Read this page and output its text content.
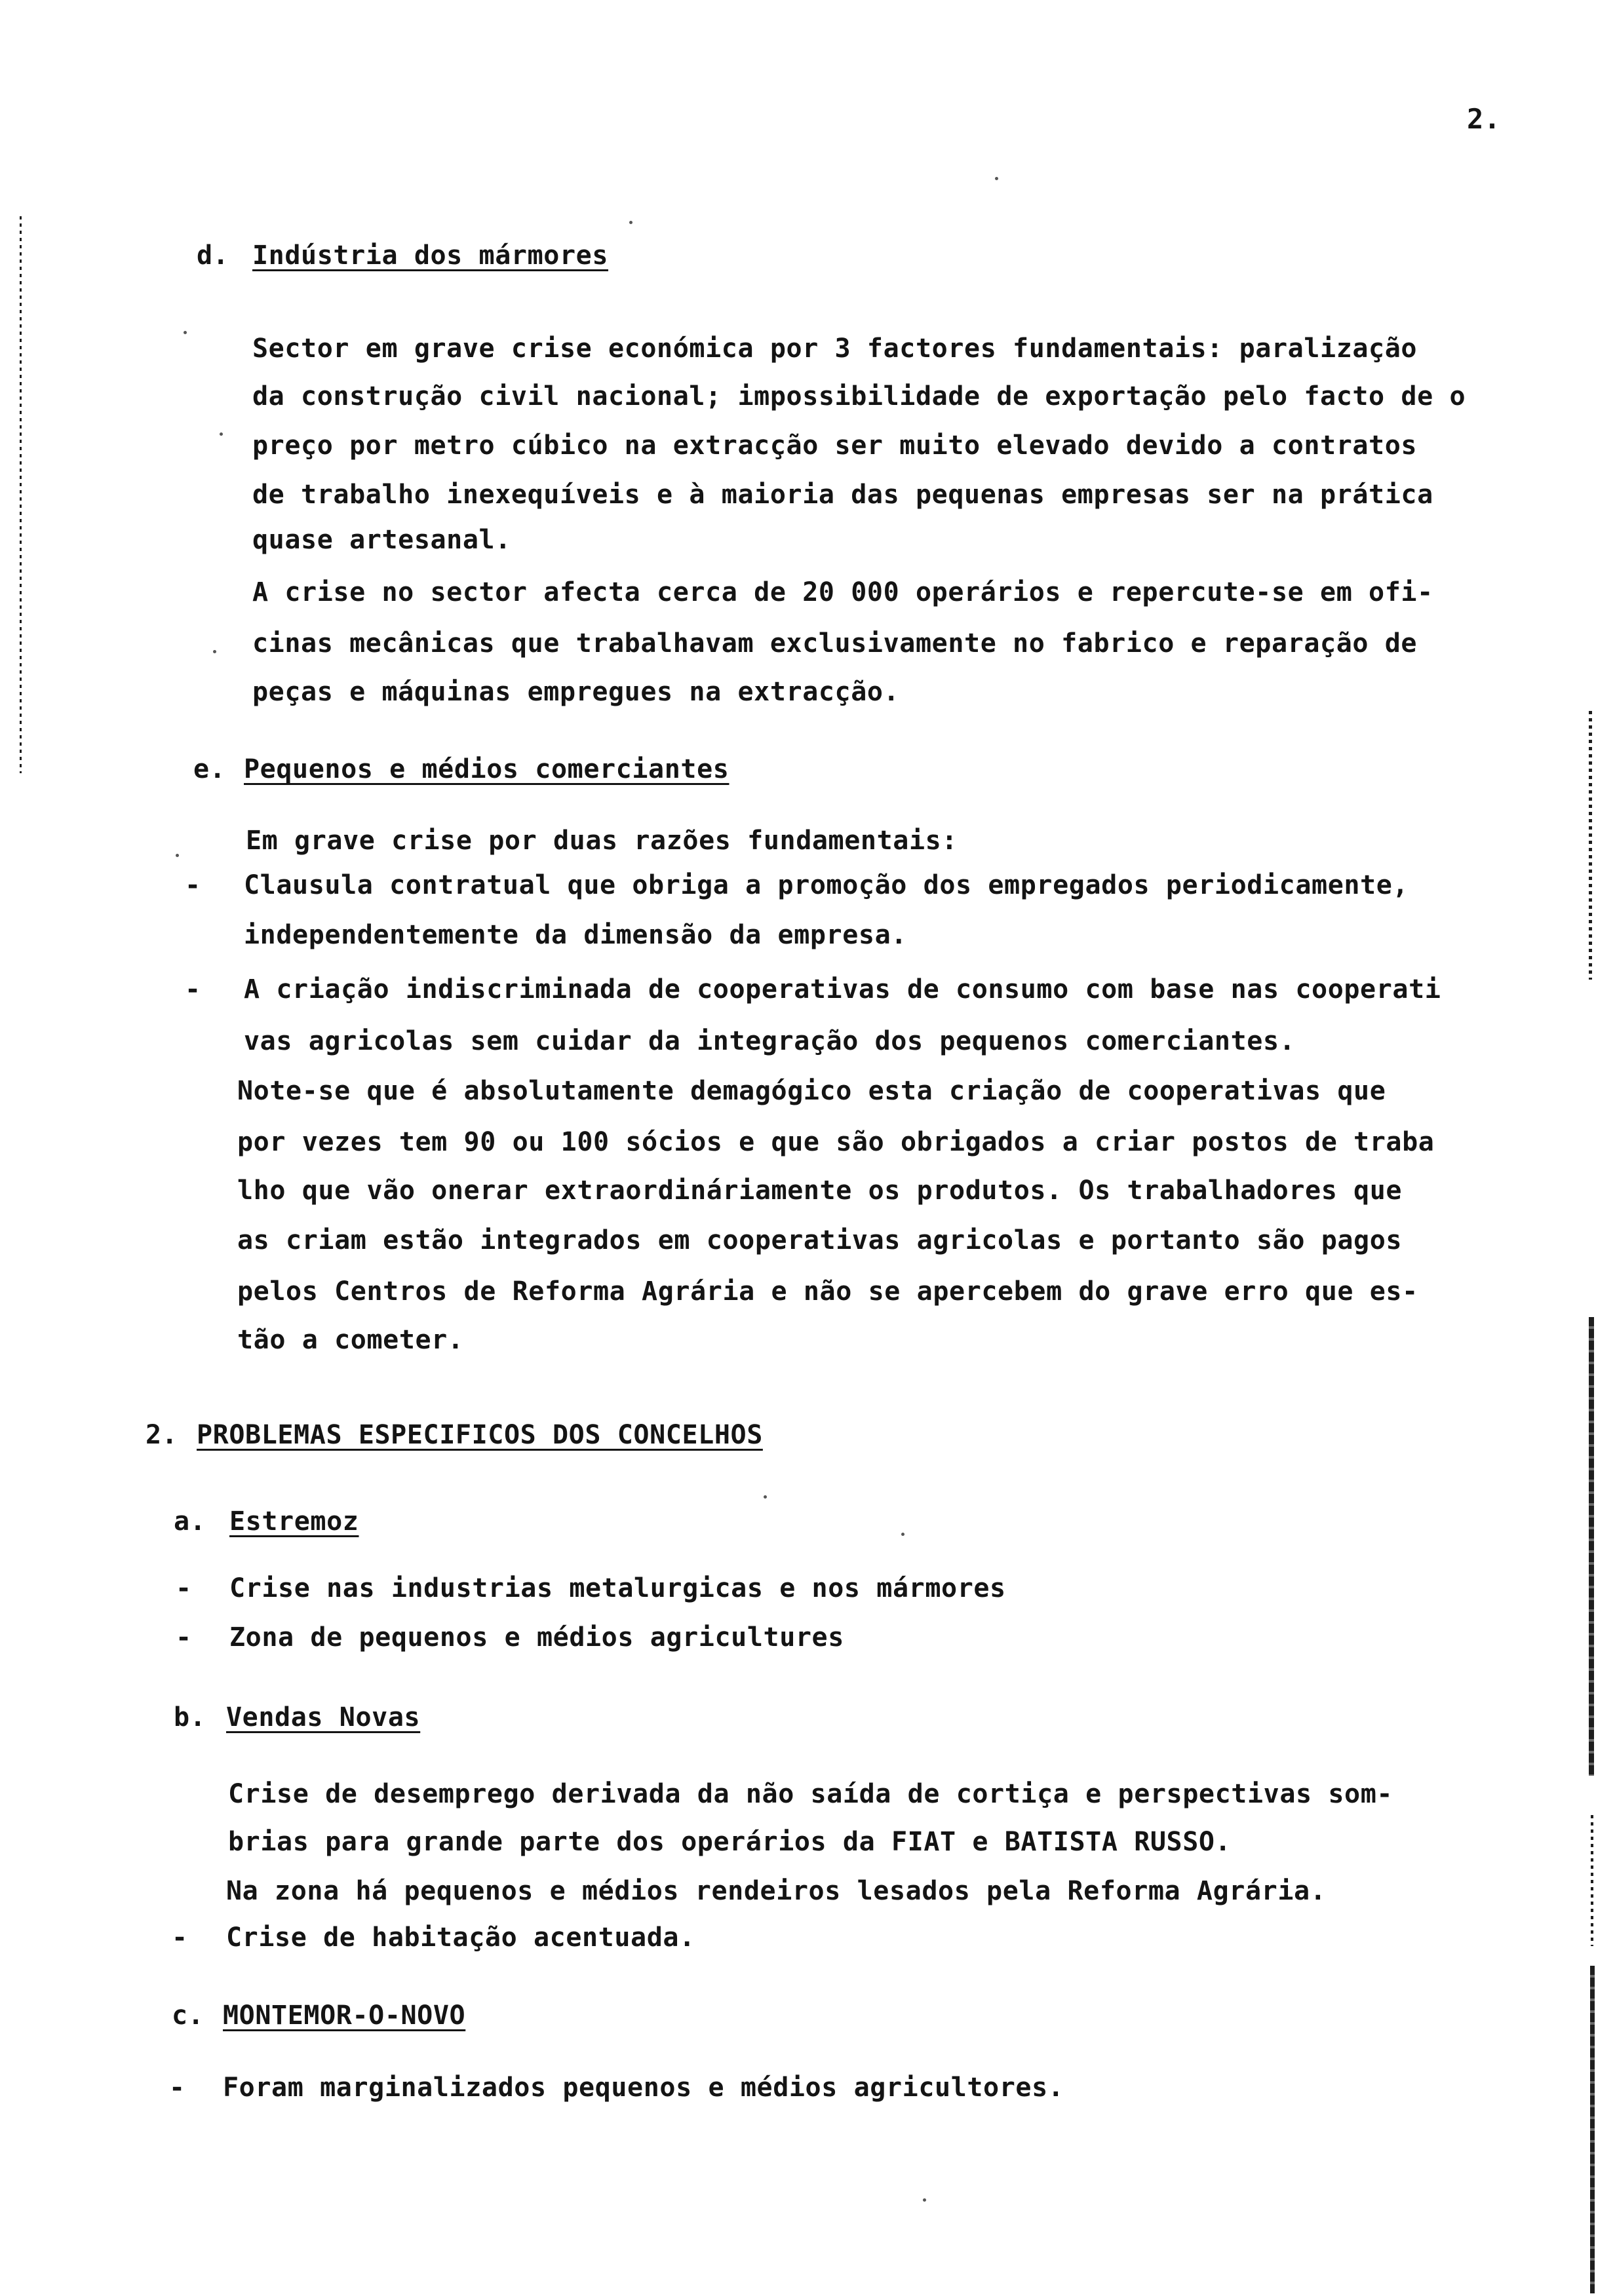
2.
d. Indústria dos mármores
Sector em grave crise económica por 3 factores fundamentais: paralização
da construção civil nacional; impossibilidade de exportação pelo facto de o
preço por metro cúbico na extracção ser muito elevado devido a contratos
de trabalho inexequíveis e à maioria das pequenas empresas ser na prática
quase artesanal.
A crise no sector afecta cerca de 20 000 operários e repercute-se em ofi-
cinas mecânicas que trabalhavam exclusivamente no fabrico e reparação de
peças e máquinas empregues na extracção.
e. Pequenos e médios comerciantes
Em grave crise por duas razões fundamentais:
- Clausula contratual que obriga a promoção dos empregados periodicamente,
independentemente da dimensão da empresa.
- A criação indiscriminada de cooperativas de consumo com base nas cooperati
vas agricolas sem cuidar da integração dos pequenos comerciantes.
Note-se que é absolutamente demagógico esta criação de cooperativas que
por vezes tem 90 ou 100 sócios e que são obrigados a criar postos de traba
lho que vão onerar extraordináriamente os produtos. Os trabalhadores que
as criam estão integrados em cooperativas agricolas e portanto são pagos
pelos Centros de Reforma Agrária e não se apercebem do grave erro que es-
tão a cometer.
2. PROBLEMAS ESPECIFICOS DOS CONCELHOS
a. Estremoz
- Crise nas industrias metalurgicas e nos mármores
- Zona de pequenos e médios agricultures
b. Vendas Novas
Crise de desemprego derivada da não saída de cortiça e perspectivas som-
brias para grande parte dos operários da FIAT e BATISTA RUSSO.
Na zona há pequenos e médios rendeiros lesados pela Reforma Agrária.
- Crise de habitação acentuada.
c. MONTEMOR-O-NOVO
- Foram marginalizados pequenos e médios agricultores.
